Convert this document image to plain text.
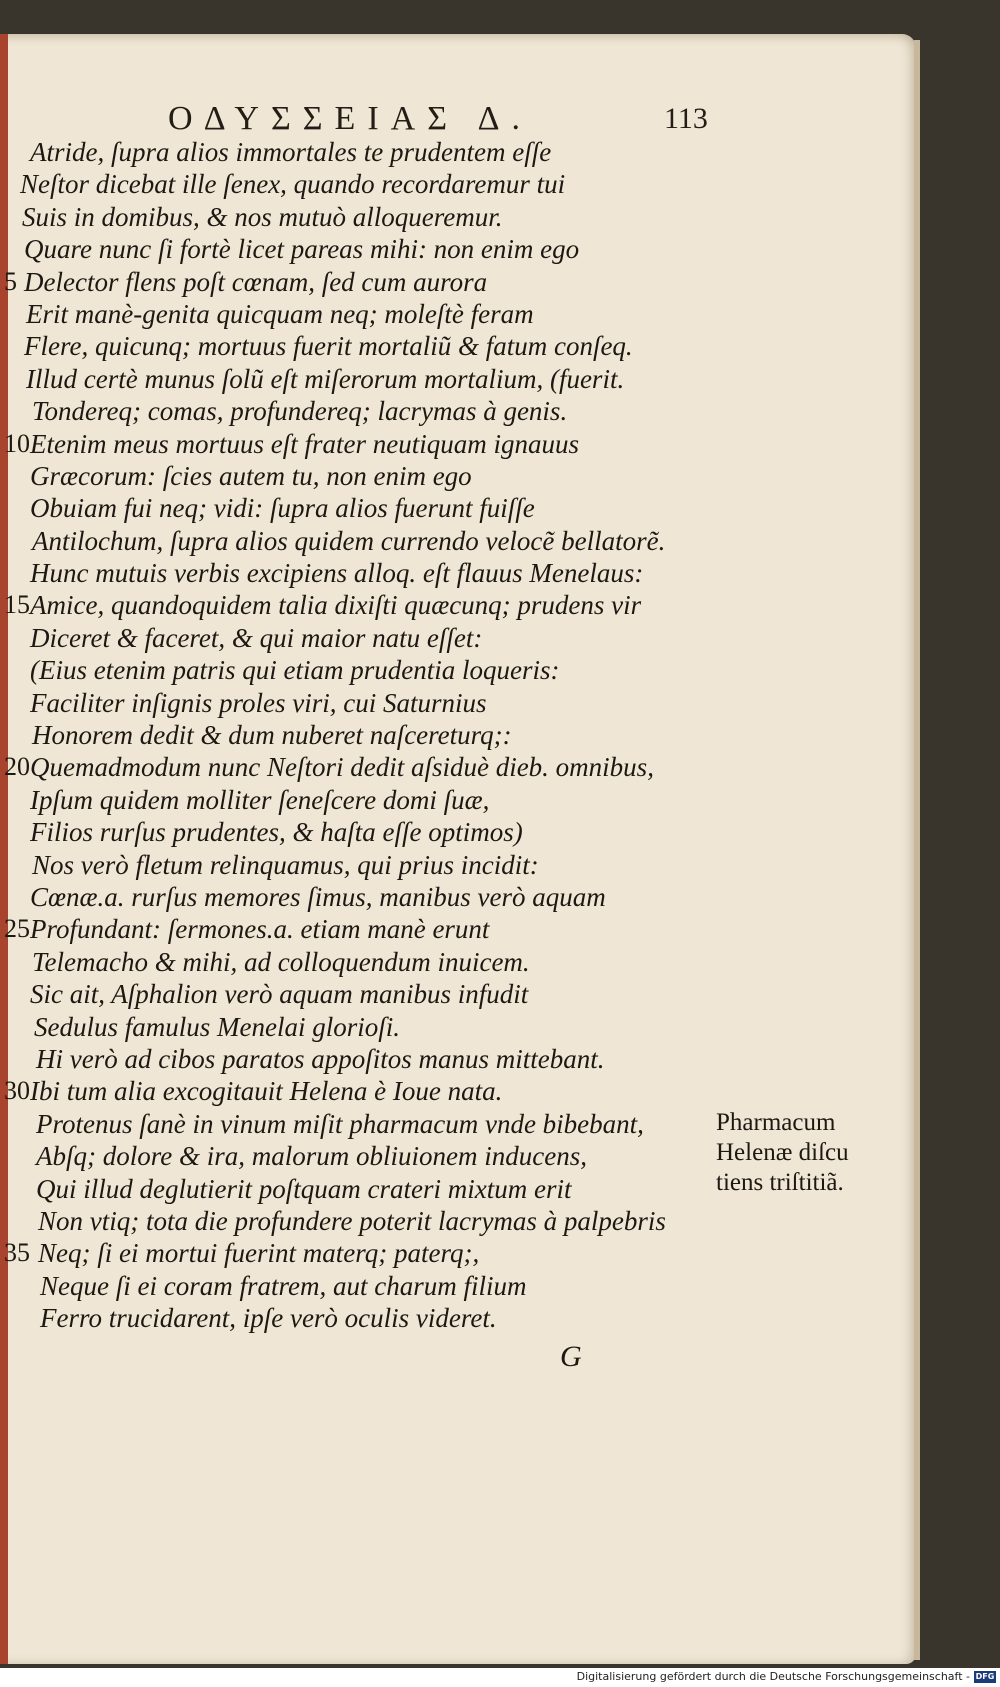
ΟΔΥΣΣΕΙΑΣ Δ.	113
Atride, ſupra alios immortales te prudentem eſſe
Neſtor dicebat ille ſenex, quando recordaremur tui
Suis in domibus, & nos mutuò alloqueremur.
Quare nunc ſi fortè licet pareas mihi: non enim ego
5 Delector flens poſt cœnam, ſed cum aurora
Erit manè-genita quicquam neq; moleſtè feram
Flere, quicunq; mortuus fuerit mortaliũ & fatum conſeq.
Illud certè munus ſolũ eſt miſerorum mortalium, (fuerit.
Tondereq; comas, profundereq; lacrymas à genis.
10 Etenim meus mortuus eſt frater neutiquam ignauus
Græcorum: ſcies autem tu, non enim ego
Obuiam fui neq; vidi: ſupra alios fuerunt fuiſſe
Antilochum, ſupra alios quidem currendo velocẽ bellatorẽ.
Hunc mutuis verbis excipiens alloq. eſt flauus Menelaus:
15 Amice, quandoquidem talia dixiſti quæcunq; prudens vir
Diceret & faceret, & qui maior natu eſſet:
(Eius etenim patris qui etiam prudentia loqueris:
Faciliter inſignis proles viri, cui Saturnius
Honorem dedit & dum nuberet naſcereturq;:
20 Quemadmodum nunc Neſtori dedit aſsiduè dieb. omnibus,
Ipſum quidem molliter ſeneſcere domi ſuæ,
Filios rurſus prudentes, & haſta eſſe optimos)
Nos verò fletum relinquamus, qui prius incidit:
Cœnæ.a. rurſus memores ſimus, manibus verò aquam
25 Profundant: ſermones.a. etiam manè erunt
Telemacho & mihi, ad colloquendum inuicem.
Sic ait, Aſphalion verò aquam manibus infudit
Sedulus famulus Menelai glorioſi.
Hi verò ad cibos paratos appoſitos manus mittebant.
30 Ibi tum alia excogitauit Helena è Ioue nata.
Protenus ſanè in vinum miſit pharmacum vnde bibebant,
Abſq; dolore & ira, malorum obliuionem inducens,
Qui illud deglutierit poſtquam crateri mixtum erit
Non vtiq; tota die profundere poterit lacrymas à palpebris
35 Neq; ſi ei mortui fuerint materq; paterq;,
Neque ſi ei coram fratrem, aut charum filium
Ferro trucidarent, ipſe verò oculis videret.
Pharmacum
Helenæ diſcu
tiens triſtitiã.
G
Digitalisierung gefördert durch die Deutsche Forschungsgemeinschaft - DFG
